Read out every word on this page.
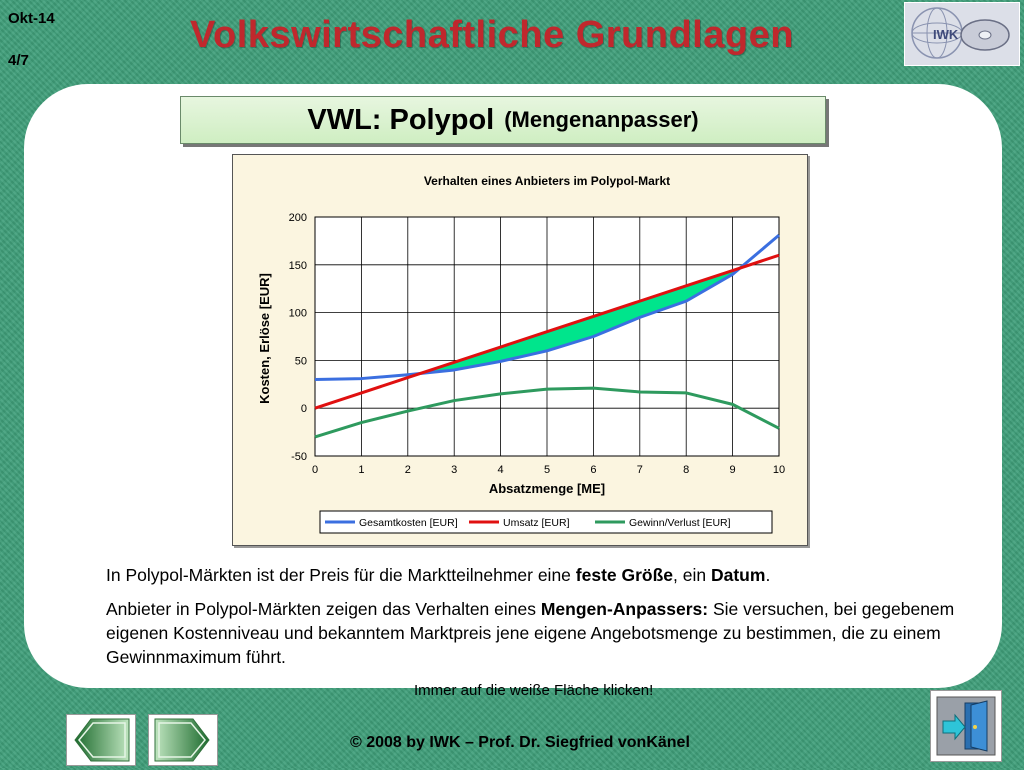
Okt-14
4/7
Volkswirtschaftliche Grundlagen	IWK
VWL: Polypol (Mengenanpasser)
0	1	2	3	4	5	6	7	8	9	10
-50
0
50
100
150
200
Verhalten eines Anbieters im Polypol-Markt
Absatzmenge [ME]
Kosten, Erlöse [EUR]
Gesamtkosten [EUR]	Umsatz [EUR]	Gewinn/Verlust [EUR]
In Polypol-Märkten ist der Preis für die Marktteilnehmer eine feste Größe, ein Datum.
Anbieter in Polypol-Märkten zeigen das Verhalten eines Mengen-Anpassers: Sie versuchen, bei gegebenem eigenen Kostenniveau und bekanntem Marktpreis jene eigene Angebotsmenge zu bestimmen, die zu einem Gewinnmaximum führt.
Immer auf die weiße Fläche klicken!
© 2008 by IWK – Prof. Dr. Siegfried vonKänel
